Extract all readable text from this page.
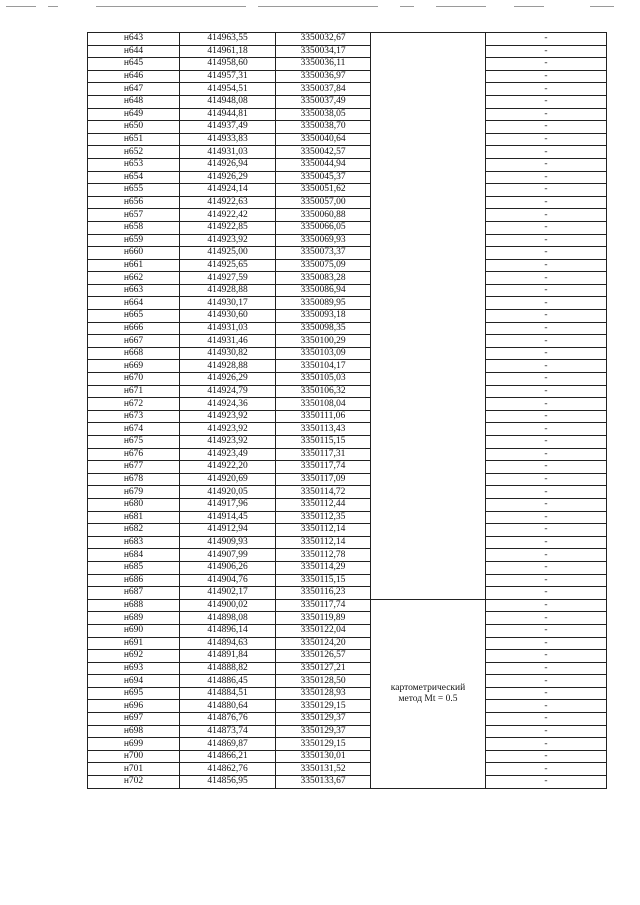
н643	414963,55	3350032,67		-
н644	414961,18	3350034,17		-
н645	414958,60	3350036,11		-
н646	414957,31	3350036,97		-
н647	414954,51	3350037,84		-
н648	414948,08	3350037,49		-
н649	414944,81	3350038,05		-
н650	414937,49	3350038,70		-
н651	414933,83	3350040,64		-
н652	414931,03	3350042,57		-
н653	414926,94	3350044,94		-
н654	414926,29	3350045,37		-
н655	414924,14	3350051,62		-
н656	414922,63	3350057,00		-
н657	414922,42	3350060,88		-
н658	414922,85	3350066,05		-
н659	414923,92	3350069,93		-
н660	414925,00	3350073,37		-
н661	414925,65	3350075,09		-
н662	414927,59	3350083,28		-
н663	414928,88	3350086,94		-
н664	414930,17	3350089,95		-
н665	414930,60	3350093,18		-
н666	414931,03	3350098,35		-
н667	414931,46	3350100,29		-
н668	414930,82	3350103,09		-
н669	414928,88	3350104,17		-
н670	414926,29	3350105,03		-
н671	414924,79	3350106,32		-
н672	414924,36	3350108,04		-
н673	414923,92	3350111,06		-
н674	414923,92	3350113,43		-
н675	414923,92	3350115,15		-
н676	414923,49	3350117,31		-
н677	414922,20	3350117,74		-
н678	414920,69	3350117,09		-
н679	414920,05	3350114,72		-
н680	414917,96	3350112,44		-
н681	414914,45	3350112,35		-
н682	414912,94	3350112,14		-
н683	414909,93	3350112,14		-
н684	414907,99	3350112,78		-
н685	414906,26	3350114,29		-
н686	414904,76	3350115,15		-
н687	414902,17	3350116,23		-
н688	414900,02	3350117,74	картометрический
метод Mt = 0.5	-
н689	414898,08	3350119,89		-
н690	414896,14	3350122,04		-
н691	414894,63	3350124,20		-
н692	414891,84	3350126,57		-
н693	414888,82	3350127,21		-
н694	414886,45	3350128,50		-
н695	414884,51	3350128,93		-
н696	414880,64	3350129,15		-
н697	414876,76	3350129,37		-
н698	414873,74	3350129,37		-
н699	414869,87	3350129,15		-
н700	414866,21	3350130,01		-
н701	414862,76	3350131,52		-
н702	414856,95	3350133,67		-
